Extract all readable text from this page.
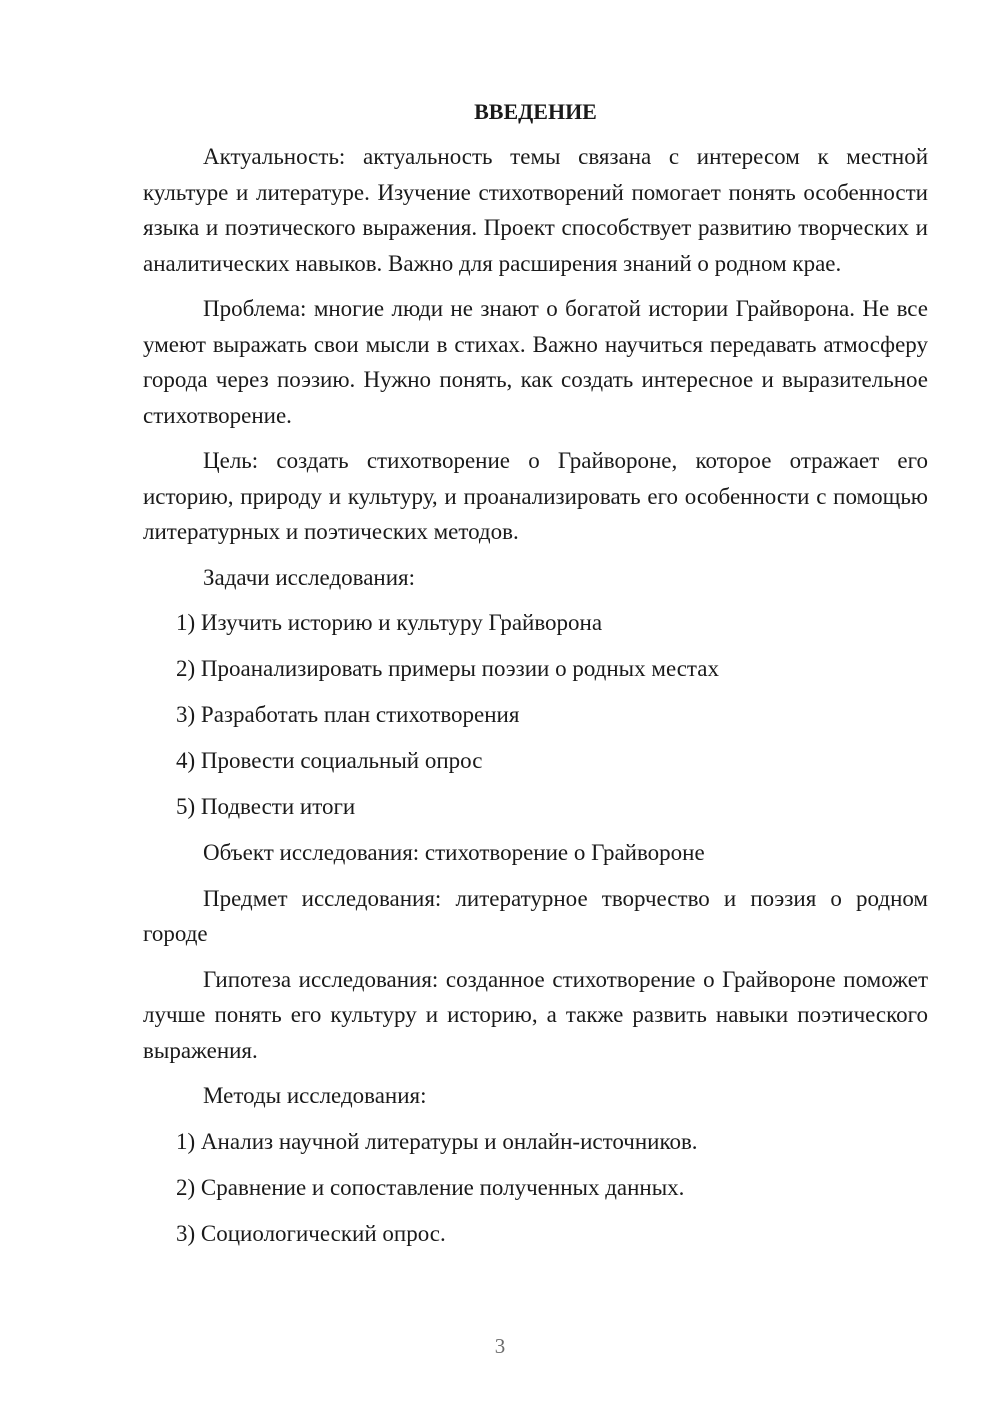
ВВЕДЕНИЕ

Актуальность: актуальность темы связана с интересом к местной культуре и литературе. Изучение стихотворений помогает понять особенности языка и поэтического выражения. Проект способствует развитию творческих и аналитических навыков. Важно для расширения знаний о родном крае.

Проблема: многие люди не знают о богатой истории Грайворона. Не все умеют выражать свои мысли в стихах. Важно научиться передавать атмосферу города через поэзию. Нужно понять, как создать интересное и выразительное стихотворение.

Цель: создать стихотворение о Грайвороне, которое отражает его историю, природу и культуру, и проанализировать его особенности с помощью литературных и поэтических методов.

Задачи исследования:

1) Изучить историю и культуру Грайворона
2) Проанализировать примеры поэзии о родных местах
3) Разработать план стихотворения
4) Провести социальный опрос
5) Подвести итоги

Объект исследования: стихотворение о Грайвороне

Предмет исследования: литературное творчество и поэзия о родном городе

Гипотеза исследования: созданное стихотворение о Грайвороне поможет лучше понять его культуру и историю, а также развить навыки поэтического выражения.

Методы исследования:

1) Анализ научной литературы и онлайн-источников.
2) Сравнение и сопоставление полученных данных.
3) Социологический опрос.
3
